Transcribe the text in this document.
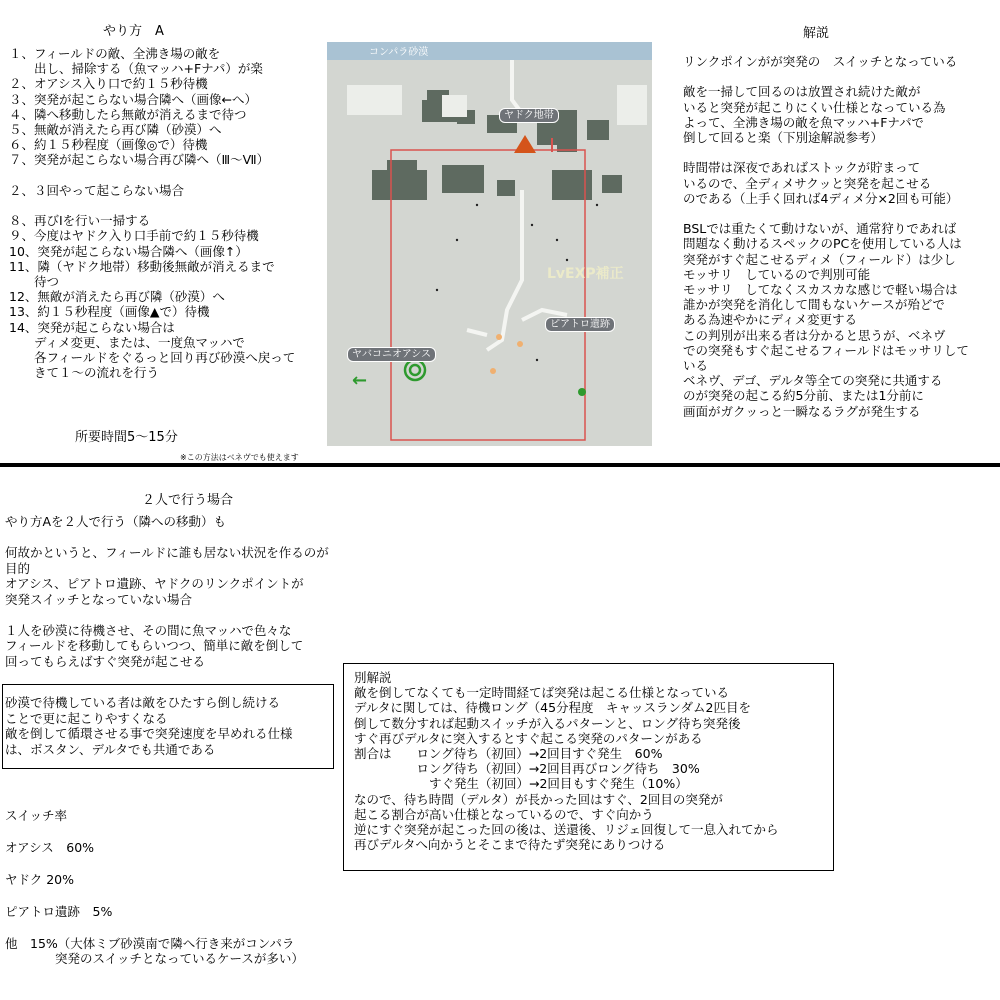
やり方　A
１、フィールドの敵、全沸き場の敵を
　　出し、掃除する（魚マッハ+Fナパ）が楽
２、オアシス入り口で約１５秒待機
３、突発が起こらない場合隣へ（画像←へ）
４、隣へ移動したら無敵が消えるまで待つ
５、無敵が消えたら再び隣（砂漠）へ
６、約１５秒程度（画像◎で）待機
７、突発が起こらない場合再び隣へ（Ⅲ～Ⅶ）

２、３回やって起こらない場合

８、再びⅠを行い一掃する
９、今度はヤドク入り口手前で約１５秒待機
10、突発が起こらない場合隣へ（画像↑）
11、隣（ヤドク地帯）移動後無敵が消えるまで
　　待つ
12、無敵が消えたら再び隣（砂漠）へ
13、約１５秒程度（画像▲で）待機
14、突発が起こらない場合は
　　ディメ変更、または、一度魚マッハで
　　各フィールドをぐるっと回り再び砂漠へ戻って
　　きて１～の流れを行う
所要時間5～15分
※この方法はベネヴでも使えます
コンパラ砂漠
LvEXP補正
←
ヤドク地帯
ピアトロ遺跡
ヤバコニオアシス
解説
リンクポインがが突発の　スイッチとなっている

敵を一掃して回るのは放置され続けた敵が
いると突発が起こりにくい仕様となっている為
よって、全沸き場の敵を魚マッハ+Fナパで
倒して回ると楽（下別途解説参考）

時間帯は深夜であればストックが貯まって
いるので、全ディメサクッと突発を起こせる
のである（上手く回れば4ディメ分×2回も可能）

BSLでは重たくて動けないが、通常狩りであれば
問題なく動けるスペックのPCを使用している人は
突発がすぐ起こせるディメ（フィールド）は少し
モッサリ　しているので判別可能
モッサリ　してなくスカスカな感じで軽い場合は
誰かが突発を消化して間もないケースが殆どで
ある為速やかにディメ変更する
この判別が出来る者は分かると思うが、ベネヴ
での突発もすぐ起こせるフィールドはモッサリして
いる
ベネヴ、デゴ、デルタ等全ての突発に共通する
のが突発の起こる約5分前、または1分前に
画面がガクッっと一瞬なるラグが発生する
２人で行う場合
やり方Aを２人で行う（隣への移動）も

何故かというと、フィールドに誰も居ない状況を作るのが
目的
オアシス、ピアトロ遺跡、ヤドクのリンクポイントが
突発スイッチとなっていない場合

１人を砂漠に待機させ、その間に魚マッハで色々な
フィールドを移動してもらいつつ、簡単に敵を倒して
回ってもらえばすぐ突発が起こせる
砂漠で待機している者は敵をひたすら倒し続ける
ことで更に起こりやすくなる
敵を倒して循環させる事で突発速度を早めれる仕様
は、ボスタン、デルタでも共通である
スイッチ率
オアシス　60%
ヤドク 20%
ピアトロ遺跡　5%
他　15%（大体ミブ砂漠南で隣へ行き来がコンパラ
　　　　突発のスイッチとなっているケースが多い）
別解説
敵を倒してなくても一定時間経てば突発は起こる仕様となっている
デルタに関しては、待機ロング（45分程度　キャッスランダム2匹目を
倒して数分すれば起動スイッチが入るパターンと、ロング待ち突発後
すぐ再びデルタに突入するとすぐ起こる突発のパターンがある
割合は　　ロング待ち（初回）→2回目すぐ発生　60%
　　　　　ロング待ち（初回）→2回目再びロング待ち　30%
　　　　　　すぐ発生（初回）→2回目もすぐ発生（10%）
なので、待ち時間（デルタ）が長かった回はすぐ、2回目の突発が
起こる割合が高い仕様となっているので、すぐ向かう
逆にすぐ突発が起こった回の後は、送還後、リジェ回復して一息入れてから
再びデルタへ向かうとそこまで待たず突発にありつける
